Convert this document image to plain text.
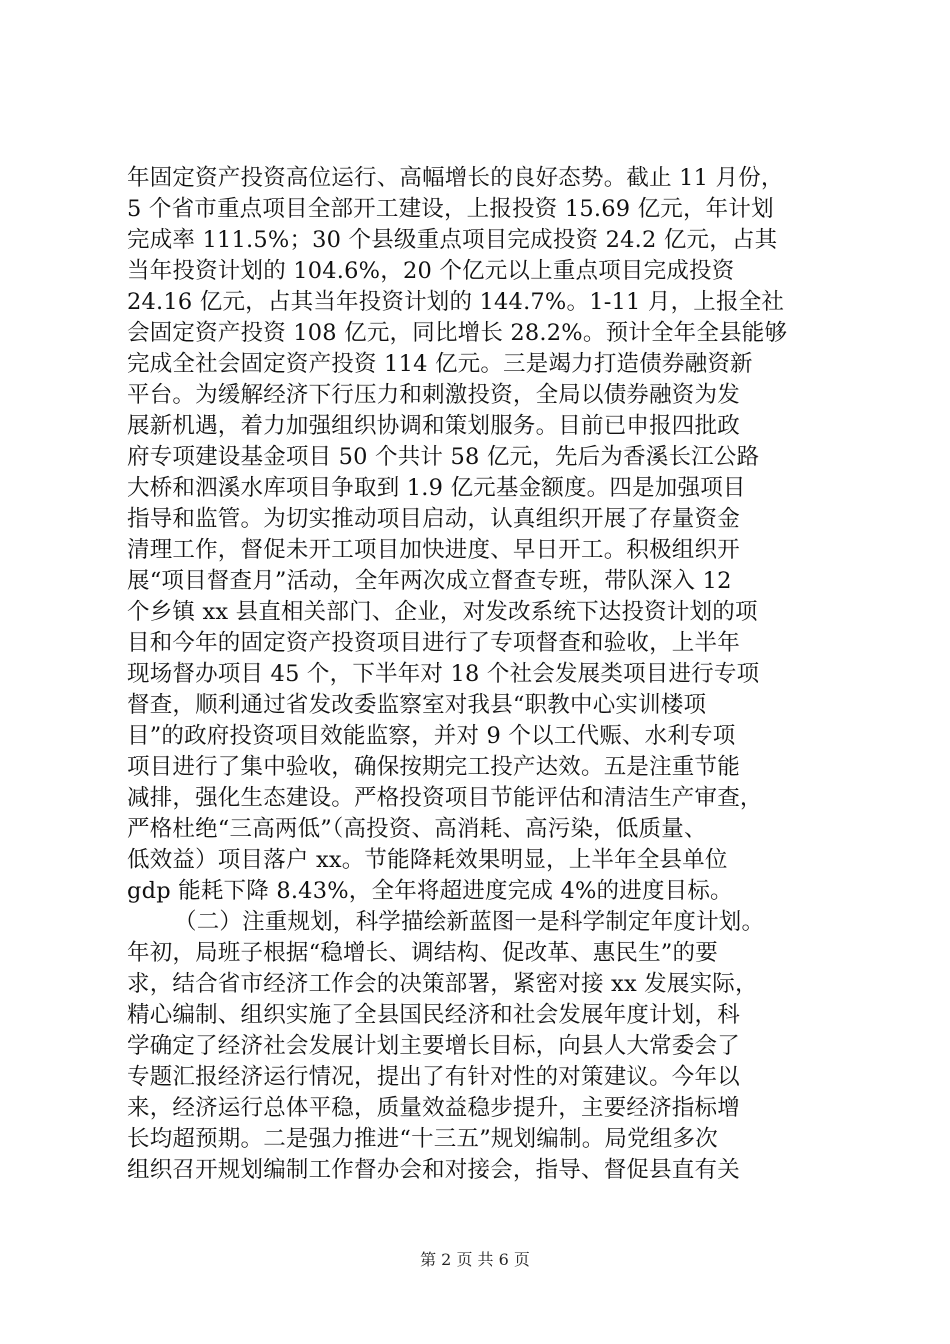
年固定资产投资高位运行、高幅增长的良好态势。截止 11 月份，
5 个省市重点项目全部开工建设，上报投资 15.69 亿元，年计划
完成率 111.5%；30 个县级重点项目完成投资 24.2 亿元，占其
当年投资计划的 104.6%，20 个亿元以上重点项目完成投资
24.16 亿元，占其当年投资计划的 144.7%。1-11 月，上报全社
会固定资产投资 108 亿元，同比增长 28.2%。预计全年全县能够
完成全社会固定资产投资 114 亿元。三是竭力打造债券融资新
平台。为缓解经济下行压力和刺激投资，全局以债券融资为发
展新机遇，着力加强组织协调和策划服务。目前已申报四批政
府专项建设基金项目 50 个共计 58 亿元，先后为香溪长江公路
大桥和泗溪水库项目争取到 1.9 亿元基金额度。四是加强项目
指导和监管。为切实推动项目启动，认真组织开展了存量资金
清理工作，督促未开工项目加快进度、早日开工。积极组织开
展“项目督查月”活动，全年两次成立督查专班，带队深入 12
个乡镇 xx 县直相关部门、企业，对发改系统下达投资计划的项
目和今年的固定资产投资项目进行了专项督查和验收，上半年
现场督办项目 45 个，下半年对 18 个社会发展类项目进行专项
督查，顺利通过省发改委监察室对我县“职教中心实训楼项
目”的政府投资项目效能监察，并对 9 个以工代赈、水利专项
项目进行了集中验收，确保按期完工投产达效。五是注重节能
减排，强化生态建设。严格投资项目节能评估和清洁生产审查，
严格杜绝“三高两低”（高投资、高消耗、高污染，低质量、
低效益）项目落户 xx。节能降耗效果明显，上半年全县单位
gdp 能耗下降 8.43%，全年将超进度完成 4%的进度目标。
（二）注重规划，科学描绘新蓝图一是科学制定年度计划。
年初，局班子根据“稳增长、调结构、促改革、惠民生”的要
求，结合省市经济工作会的决策部署，紧密对接 xx 发展实际，
精心编制、组织实施了全县国民经济和社会发展年度计划，科
学确定了经济社会发展计划主要增长目标，向县人大常委会了
专题汇报经济运行情况，提出了有针对性的对策建议。今年以
来，经济运行总体平稳，质量效益稳步提升，主要经济指标增
长均超预期。二是强力推进“十三五”规划编制。局党组多次
组织召开规划编制工作督办会和对接会，指导、督促县直有关
第 2 页 共 6 页
